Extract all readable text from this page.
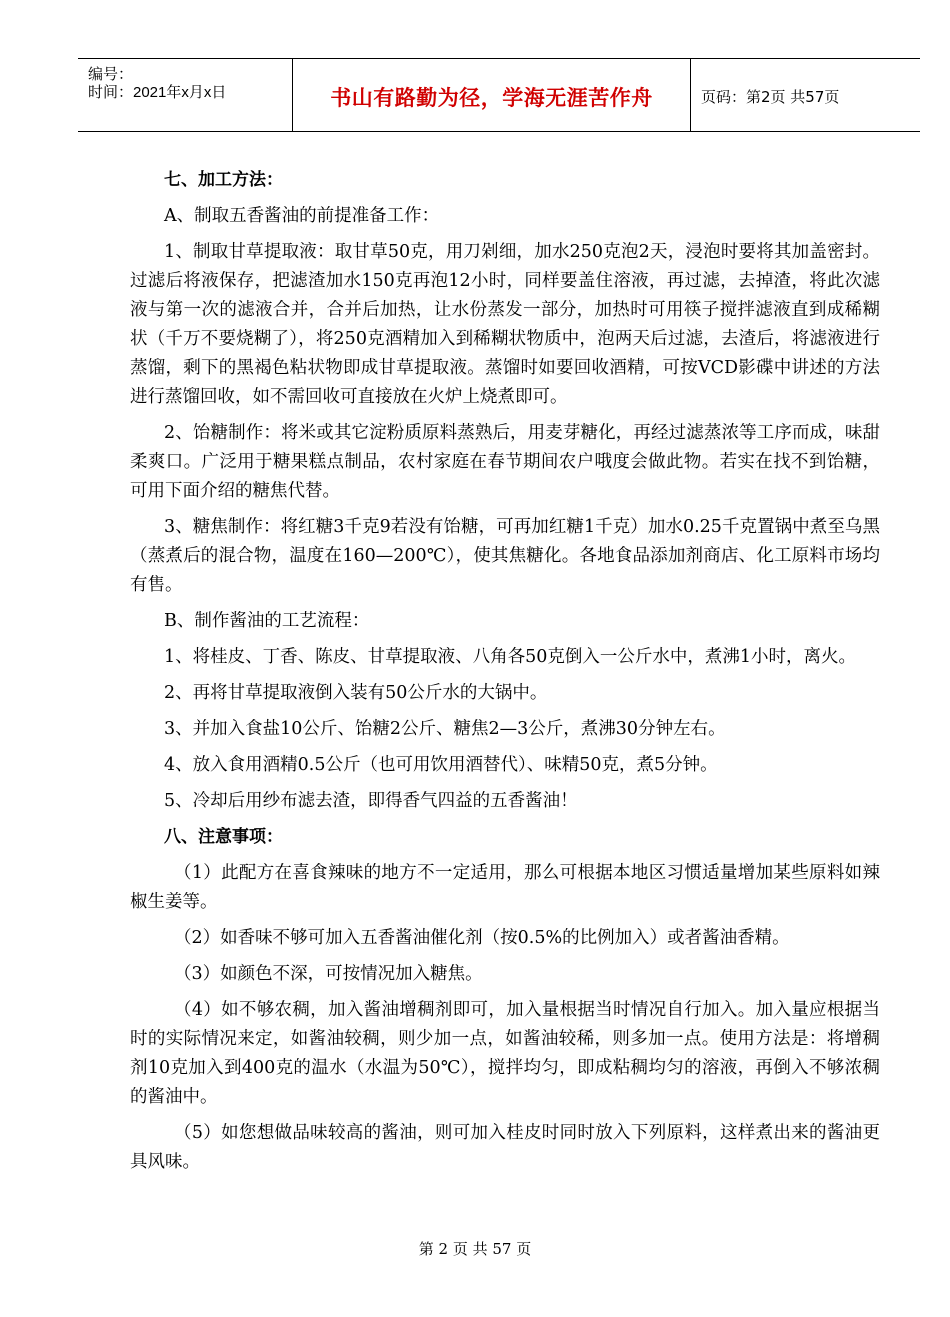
编号：
时间：2021年x月x日	书山有路勤为径，学海无涯苦作舟	页码：第2页 共57页
七、加工方法：
A、制取五香酱油的前提准备工作：
1、制取甘草提取液：取甘草50克，用刀剁细，加水250克泡2天，浸泡时要将其加盖密封。过滤后将液保存，把滤渣加水150克再泡12小时，同样要盖住溶液，再过滤，去掉渣，将此次滤液与第一次的滤液合并，合并后加热，让水份蒸发一部分，加热时可用筷子搅拌滤液直到成稀糊状（千万不要烧糊了），将250克酒精加入到稀糊状物质中，泡两天后过滤，去渣后，将滤液进行蒸馏，剩下的黑褐色粘状物即成甘草提取液。蒸馏时如要回收酒精，可按VCD影碟中讲述的方法进行蒸馏回收，如不需回收可直接放在火炉上烧煮即可。
2、饴糖制作：将米或其它淀粉质原料蒸熟后，用麦芽糖化，再经过滤蒸浓等工序而成，味甜柔爽口。广泛用于糖果糕点制品，农村家庭在春节期间农户哦度会做此物。若实在找不到饴糖，可用下面介绍的糖焦代替。
3、糖焦制作：将红糖3千克9若没有饴糖，可再加红糖1千克）加水0.25千克置锅中煮至乌黑（蒸煮后的混合物，温度在160—200℃），使其焦糖化。各地食品添加剂商店、化工原料市场均有售。
B、制作酱油的工艺流程：
1、将桂皮、丁香、陈皮、甘草提取液、八角各50克倒入一公斤水中，煮沸1小时，离火。
2、再将甘草提取液倒入装有50公斤水的大锅中。
3、并加入食盐10公斤、饴糖2公斤、糖焦2—3公斤，煮沸30分钟左右。
4、放入食用酒精0.5公斤（也可用饮用酒替代）、味精50克，煮5分钟。
5、冷却后用纱布滤去渣，即得香气四益的五香酱油！
八、注意事项：
（1）此配方在喜食辣味的地方不一定适用，那么可根据本地区习惯适量增加某些原料如辣椒生姜等。
（2）如香味不够可加入五香酱油催化剂（按0.5%的比例加入）或者酱油香精。
（3）如颜色不深，可按情况加入糖焦。
（4）如不够农稠，加入酱油增稠剂即可，加入量根据当时情况自行加入。加入量应根据当时的实际情况来定，如酱油较稠，则少加一点，如酱油较稀，则多加一点。使用方法是：将增稠剂10克加入到400克的温水（水温为50℃），搅拌均匀，即成粘稠均匀的溶液，再倒入不够浓稠的酱油中。
（5）如您想做品味较高的酱油，则可加入桂皮时同时放入下列原料，这样煮出来的酱油更具风味。
第 2 页 共 57 页
